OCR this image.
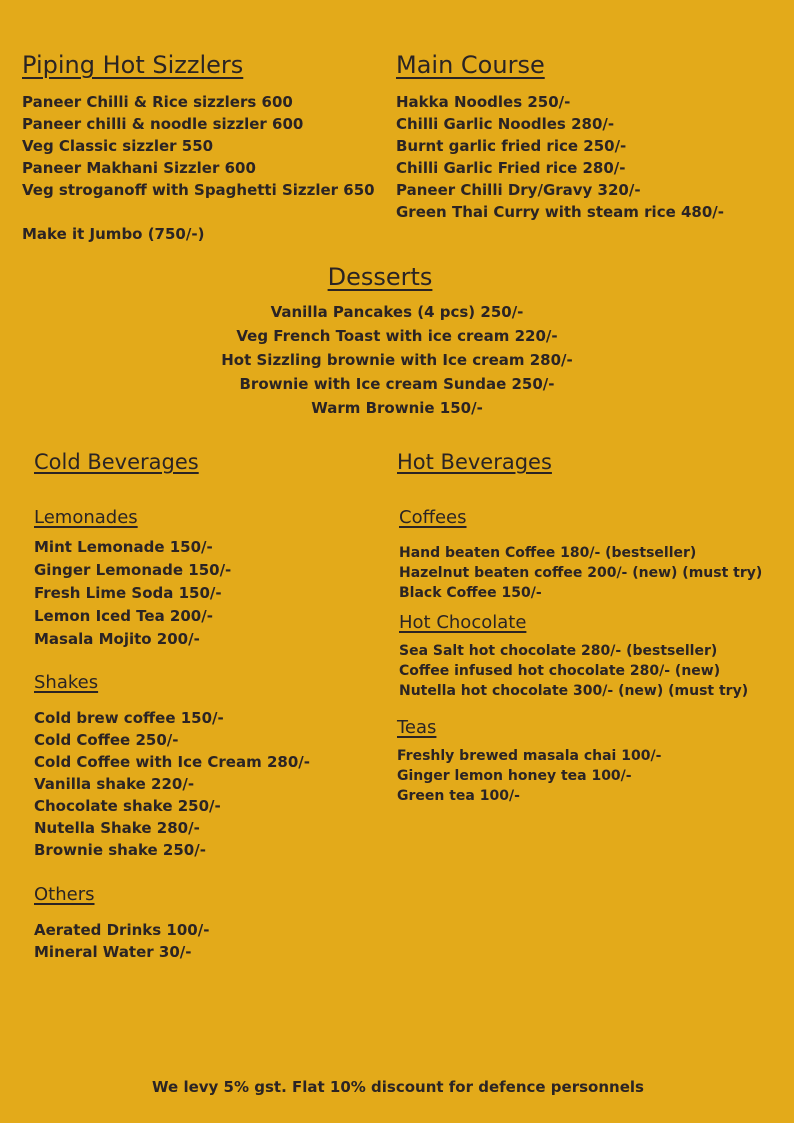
Piping Hot Sizzlers
Paneer Chilli & Rice sizzlers 600
Paneer chilli & noodle sizzler 600
Veg Classic sizzler 550
Paneer Makhani Sizzler 600
Veg stroganoff with Spaghetti Sizzler 650
Make it Jumbo (750/-)
Main Course
Hakka Noodles 250/-
Chilli Garlic Noodles 280/-
Burnt garlic fried rice 250/-
Chilli Garlic Fried rice 280/-
Paneer Chilli Dry/Gravy 320/-
Green Thai Curry with steam rice 480/-
Desserts
Vanilla Pancakes (4 pcs) 250/-
Veg French Toast with ice cream 220/-
Hot Sizzling brownie with Ice cream 280/-
Brownie with Ice cream Sundae 250/-
Warm Brownie 150/-
Cold Beverages
Lemonades
Mint Lemonade 150/-
Ginger Lemonade 150/-
Fresh Lime Soda 150/-
Lemon Iced Tea 200/-
Masala Mojito 200/-
Shakes
Cold brew coffee 150/-
Cold Coffee 250/-
Cold Coffee with Ice Cream 280/-
Vanilla shake 220/-
Chocolate shake 250/-
Nutella Shake 280/-
Brownie shake 250/-
Others
Aerated Drinks 100/-
Mineral Water 30/-
Hot Beverages
Coffees
Hand beaten Coffee 180/- (bestseller)
Hazelnut beaten coffee 200/- (new) (must try)
Black Coffee 150/-
Hot Chocolate
Sea Salt hot chocolate 280/- (bestseller)
Coffee infused hot chocolate 280/- (new)
Nutella hot chocolate 300/- (new) (must try)
Teas
Freshly brewed masala chai 100/-
Ginger lemon honey tea 100/-
Green tea 100/-
We levy 5% gst. Flat 10% discount for defence personnels
